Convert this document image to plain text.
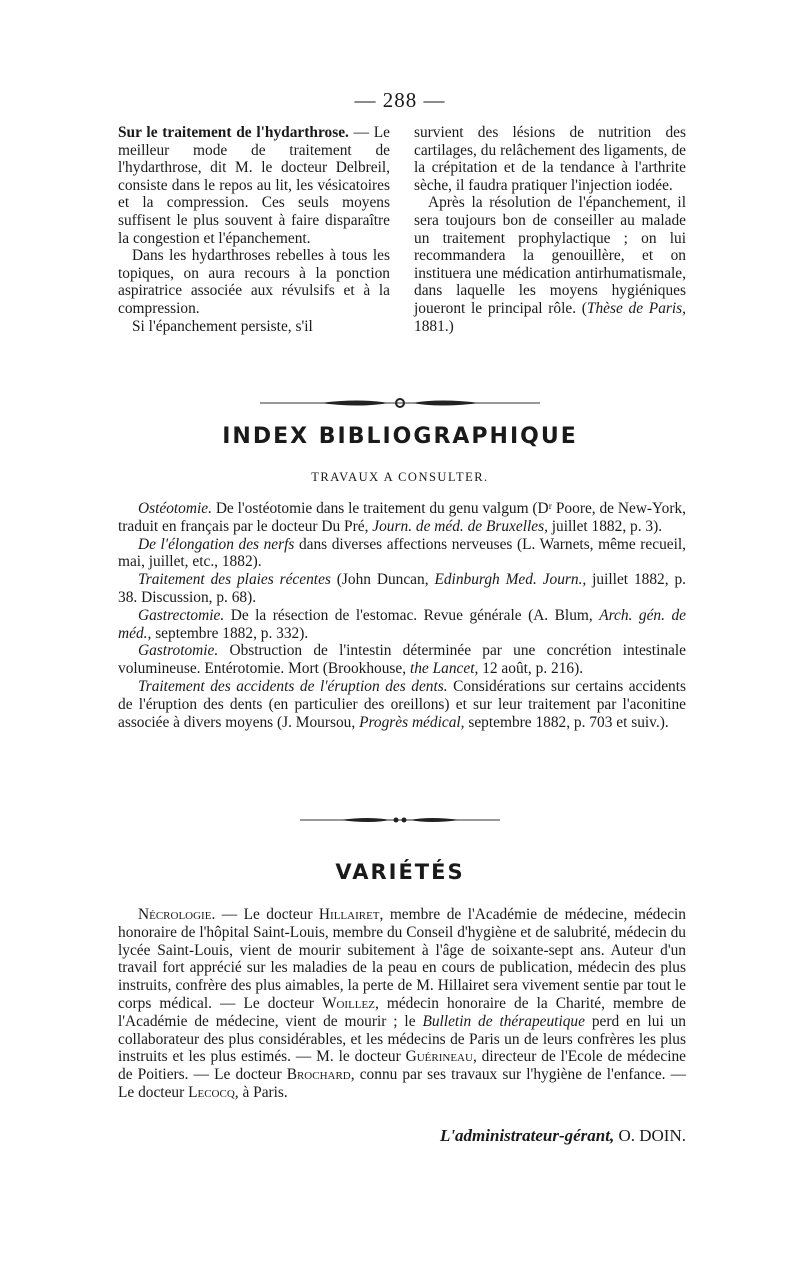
— 288 —

Sur le traitement de l'hydarthrose. — Le meilleur mode de traitement de l'hydarthrose, dit M. le docteur Delbreil, consiste dans le repos au lit, les vésicatoires et la compression. Ces seuls moyens suffisent le plus souvent à faire disparaître la congestion et l'épanchement.

Dans les hydarthroses rebelles à tous les topiques, on aura recours à la ponction aspiratrice associée aux révulsifs et à la compression.

Si l'épanchement persiste, s'il

survient des lésions de nutrition des cartilages, du relâchement des ligaments, de la crépitation et de la tendance à l'arthrite sèche, il faudra pratiquer l'injection iodée.

Après la résolution de l'épanchement, il sera toujours bon de conseiller au malade un traitement prophylactique ; on lui recommandera la genouillère, et on instituera une médication antirhumatismale, dans laquelle les moyens hygiéniques joueront le principal rôle. (Thèse de Paris, 1881.)

INDEX BIBLIOGRAPHIQUE
TRAVAUX A CONSULTER.

Ostéotomie. De l'ostéotomie dans le traitement du genu valgum (Dʳ Poore, de New-York, traduit en français par le docteur Du Pré, Journ. de méd. de Bruxelles, juillet 1882, p. 3).

De l'élongation des nerfs dans diverses affections nerveuses (L. Warnets, même recueil, mai, juillet, etc., 1882).

Traitement des plaies récentes (John Duncan, Edinburgh Med. Journ., juillet 1882, p. 38. Discussion, p. 68).

Gastrectomie. De la résection de l'estomac. Revue générale (A. Blum, Arch. gén. de méd., septembre 1882, p. 332).

Gastrotomie. Obstruction de l'intestin déterminée par une concrétion intestinale volumineuse. Entérotomie. Mort (Brookhouse, the Lancet, 12 août, p. 216).

Traitement des accidents de l'éruption des dents. Considérations sur certains accidents de l'éruption des dents (en particulier des oreillons) et sur leur traitement par l'aconitine associée à divers moyens (J. Moursou, Progrès médical, septembre 1882, p. 703 et suiv.).

VARIÉTÉS

Nécrologie. — Le docteur Hillairet, membre de l'Académie de médecine, médecin honoraire de l'hôpital Saint-Louis, membre du Conseil d'hygiène et de salubrité, médecin du lycée Saint-Louis, vient de mourir subitement à l'âge de soixante-sept ans. Auteur d'un travail fort apprécié sur les maladies de la peau en cours de publication, médecin des plus instruits, confrère des plus aimables, la perte de M. Hillairet sera vivement sentie par tout le corps médical. — Le docteur Woillez, médecin honoraire de la Charité, membre de l'Académie de médecine, vient de mourir ; le Bulletin de thérapeutique perd en lui un collaborateur des plus considérables, et les médecins de Paris un de leurs confrères les plus instruits et les plus estimés. — M. le docteur Guérineau, directeur de l'Ecole de médecine de Poitiers. — Le docteur Brochard, connu par ses travaux sur l'hygiène de l'enfance. — Le docteur Lecocq, à Paris.

L'administrateur-gérant, O. DOIN.
